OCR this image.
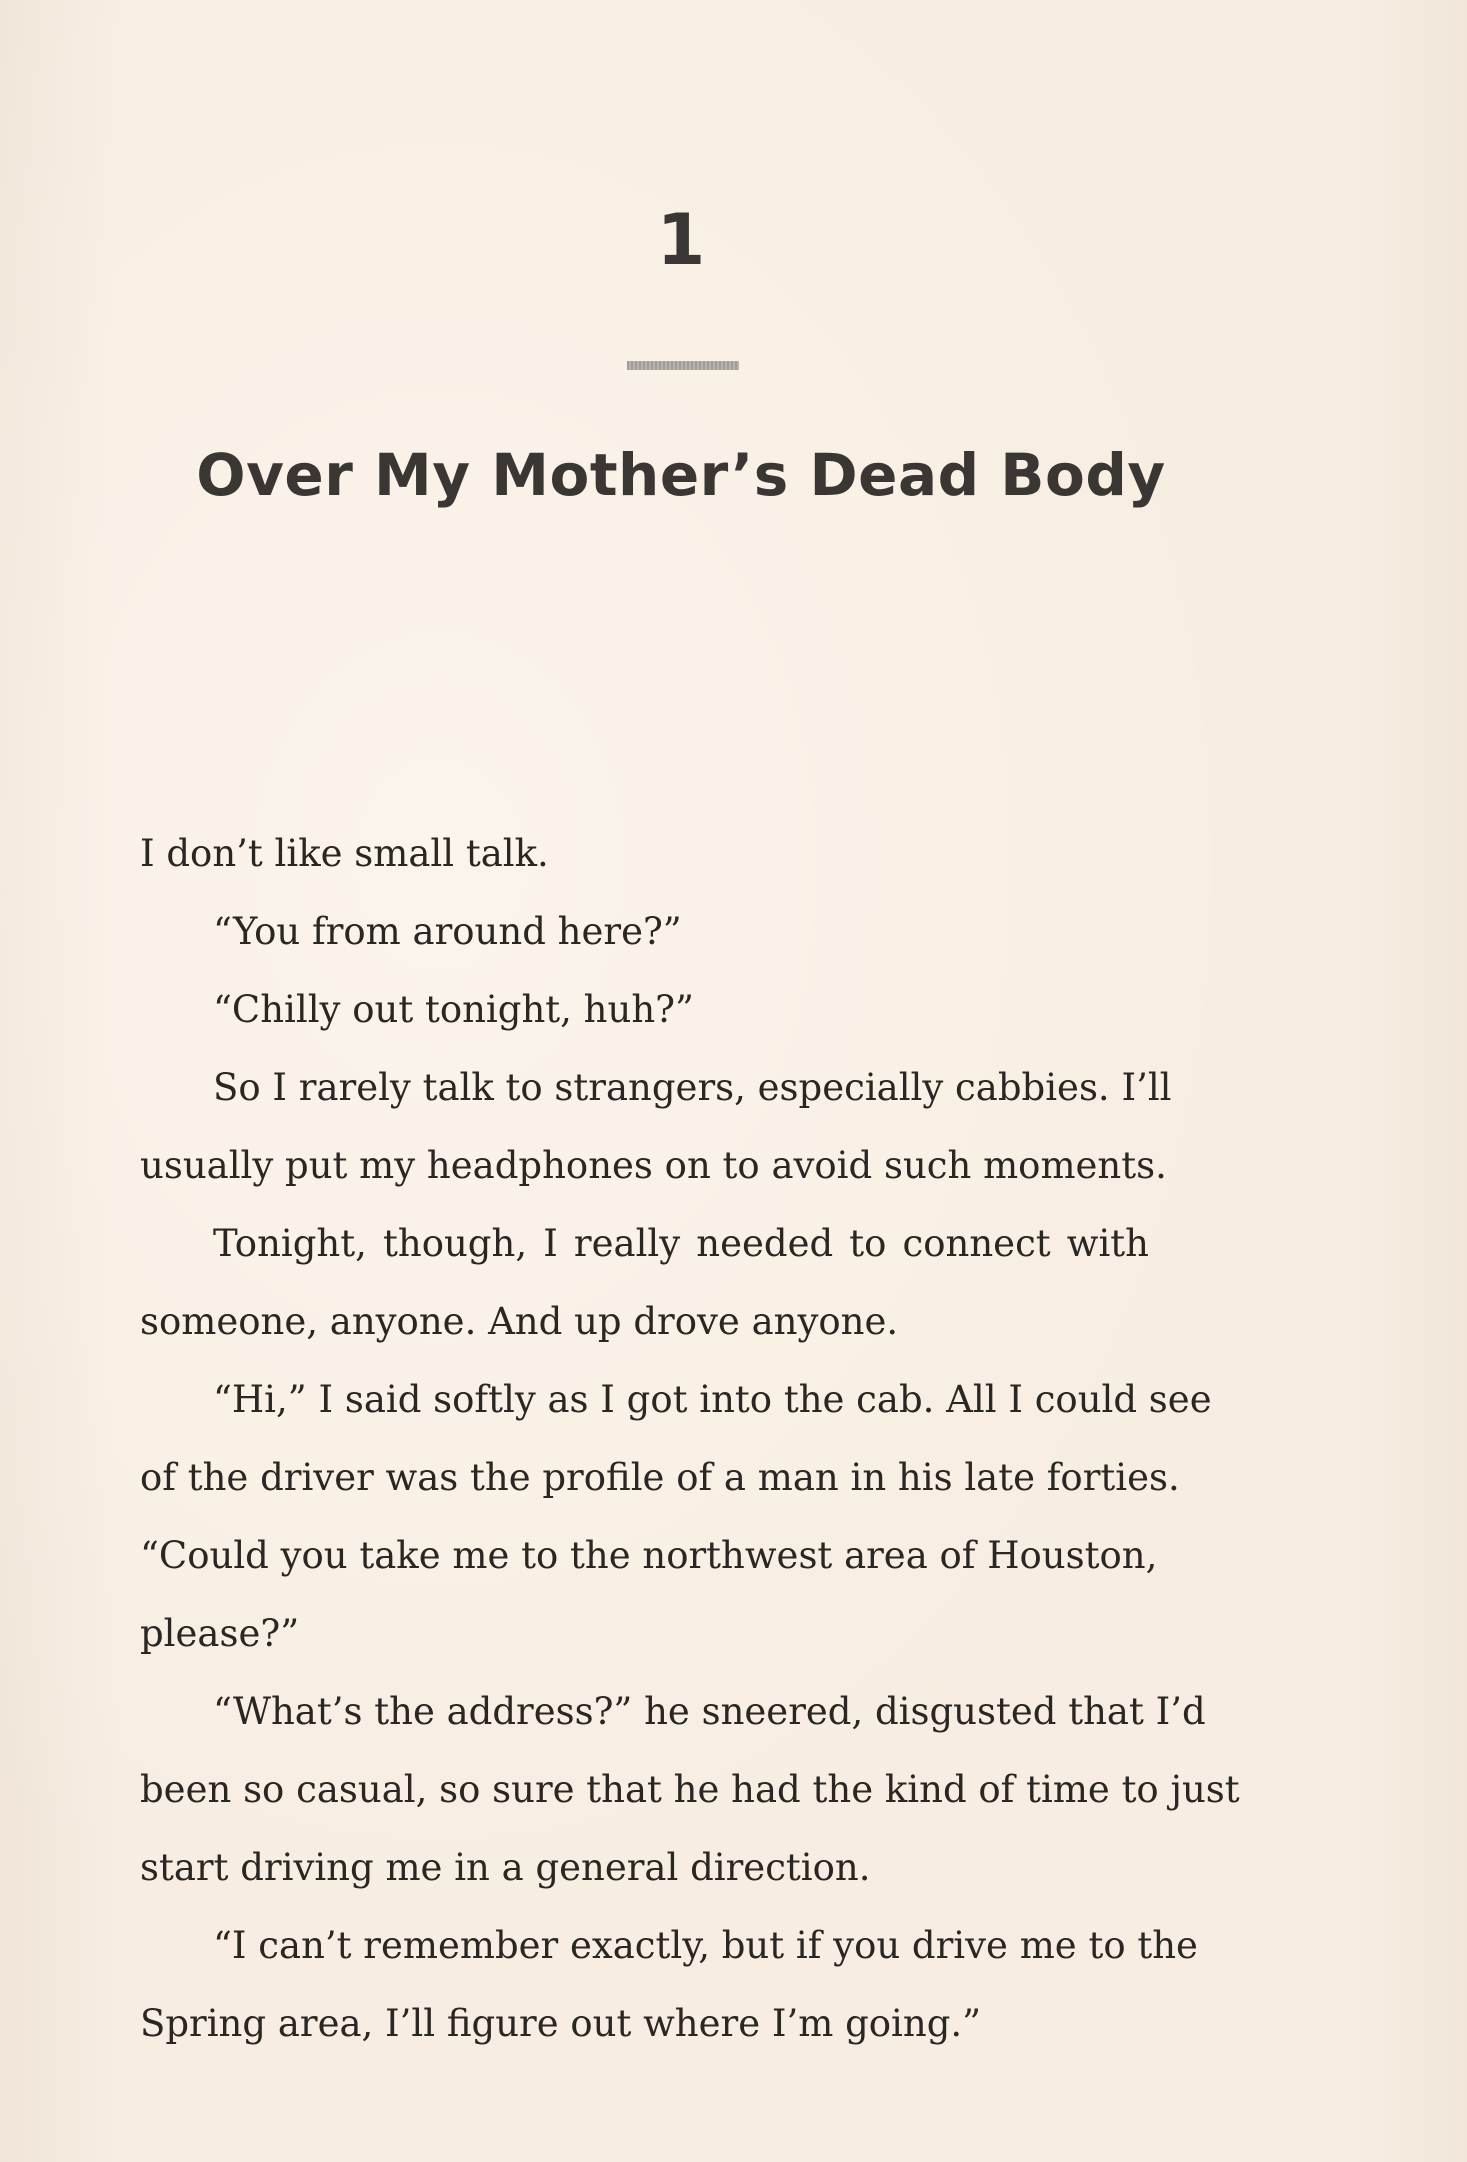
1
Over My Mother’s Dead Body

I don’t like small talk.

“You from around here?”

“Chilly out tonight, huh?”

So I rarely talk to strangers, especially cabbies. I’ll
usually put my headphones on to avoid such moments.

Tonight, though, I really needed to connect with
someone, anyone. And up drove anyone.

“Hi,” I said softly as I got into the cab. All I could see
of the driver was the profile of a man in his late forties.
“Could you take me to the northwest area of Houston,
please?”

“What’s the address?” he sneered, disgusted that I’d
been so casual, so sure that he had the kind of time to just
start driving me in a general direction.

“I can’t remember exactly, but if you drive me to the
Spring area, I’ll figure out where I’m going.”
